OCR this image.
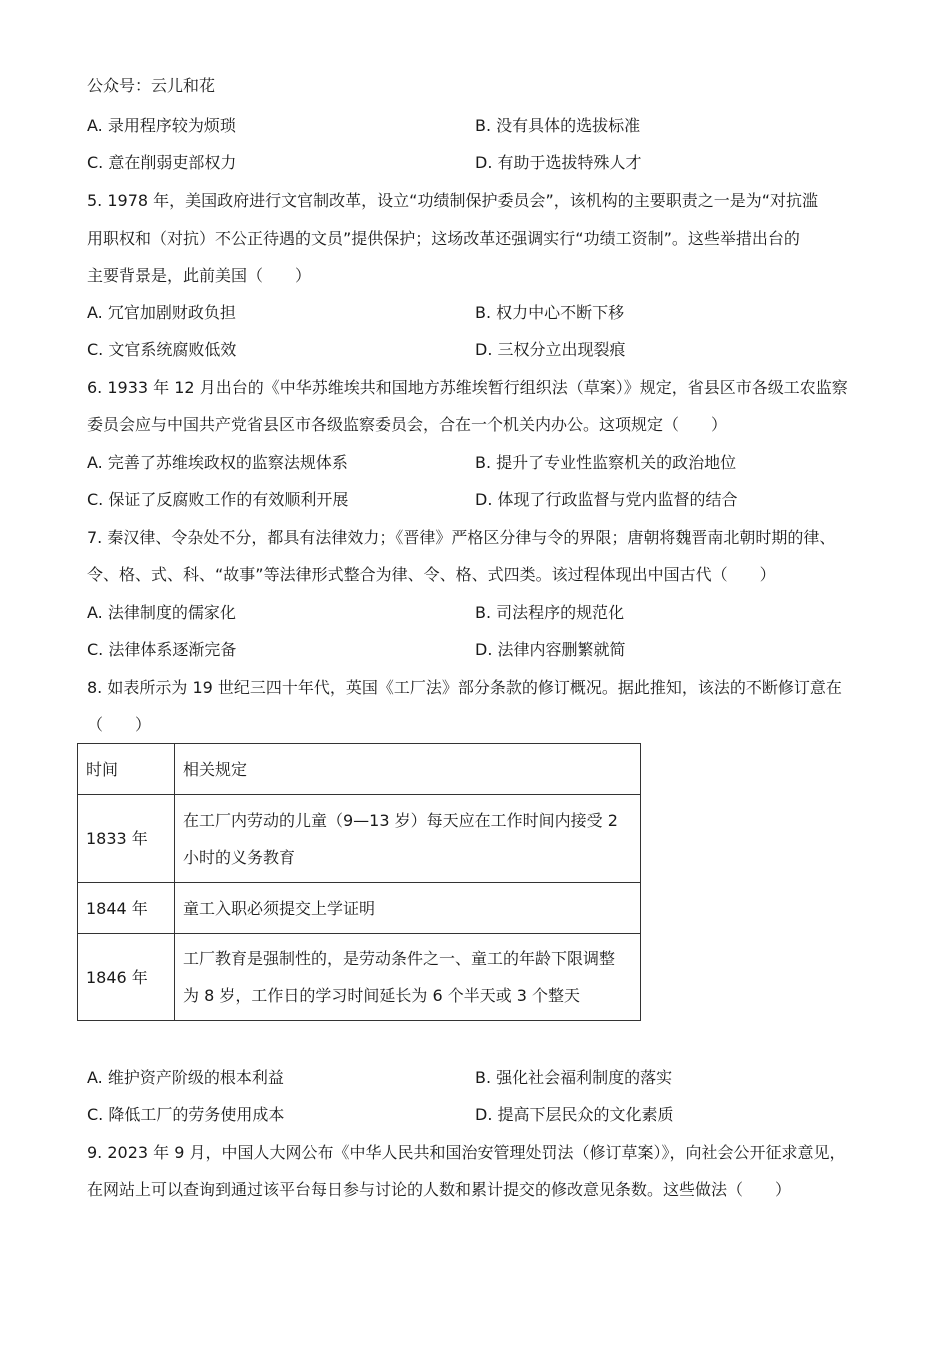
公众号：云儿和花
A. 录用程序较为烦琐	B. 没有具体的选拔标准
C. 意在削弱吏部权力	D. 有助于选拔特殊人才
5. 1978 年，美国政府进行文官制改革，设立“功绩制保护委员会”，该机构的主要职责之一是为“对抗滥
用职权和（对抗）不公正待遇的文员”提供保护；这场改革还强调实行“功绩工资制”。这些举措出台的
主要背景是，此前美国（　　）
A. 冗官加剧财政负担	B. 权力中心不断下移
C. 文官系统腐败低效	D. 三权分立出现裂痕
6. 1933 年 12 月出台的《中华苏维埃共和国地方苏维埃暂行组织法（草案）》规定，省县区市各级工农监察
委员会应与中国共产党省县区市各级监察委员会，合在一个机关内办公。这项规定（　　）
A. 完善了苏维埃政权的监察法规体系	B. 提升了专业性监察机关的政治地位
C. 保证了反腐败工作的有效顺利开展	D. 体现了行政监督与党内监督的结合
7. 秦汉律、令杂处不分，都具有法律效力；《晋律》严格区分律与令的界限；唐朝将魏晋南北朝时期的律、
令、格、式、科、“故事”等法律形式整合为律、令、格、式四类。该过程体现出中国古代（　　）
A. 法律制度的儒家化	B. 司法程序的规范化
C. 法律体系逐渐完备	D. 法律内容删繁就简
8. 如表所示为 19 世纪三四十年代，英国《工厂法》部分条款的修订概况。据此推知，该法的不断修订意在
（　　）
时间	相关规定
1833 年	在工厂内劳动的儿童（9—13 岁）每天应在工作时间内接受 2
小时的义务教育

1844 年	童工入职必须提交上学证明

1846 年	工厂教育是强制性的，是劳动条件之一、童工的年龄下限调整
为 8 岁，工作日的学习时间延长为 6 个半天或 3 个整天
A. 维护资产阶级的根本利益	B. 强化社会福利制度的落实
C. 降低工厂的劳务使用成本	D. 提高下层民众的文化素质
9. 2023 年 9 月，中国人大网公布《中华人民共和国治安管理处罚法（修订草案）》，向社会公开征求意见，
在网站上可以查询到通过该平台每日参与讨论的人数和累计提交的修改意见条数。这些做法（　　）
